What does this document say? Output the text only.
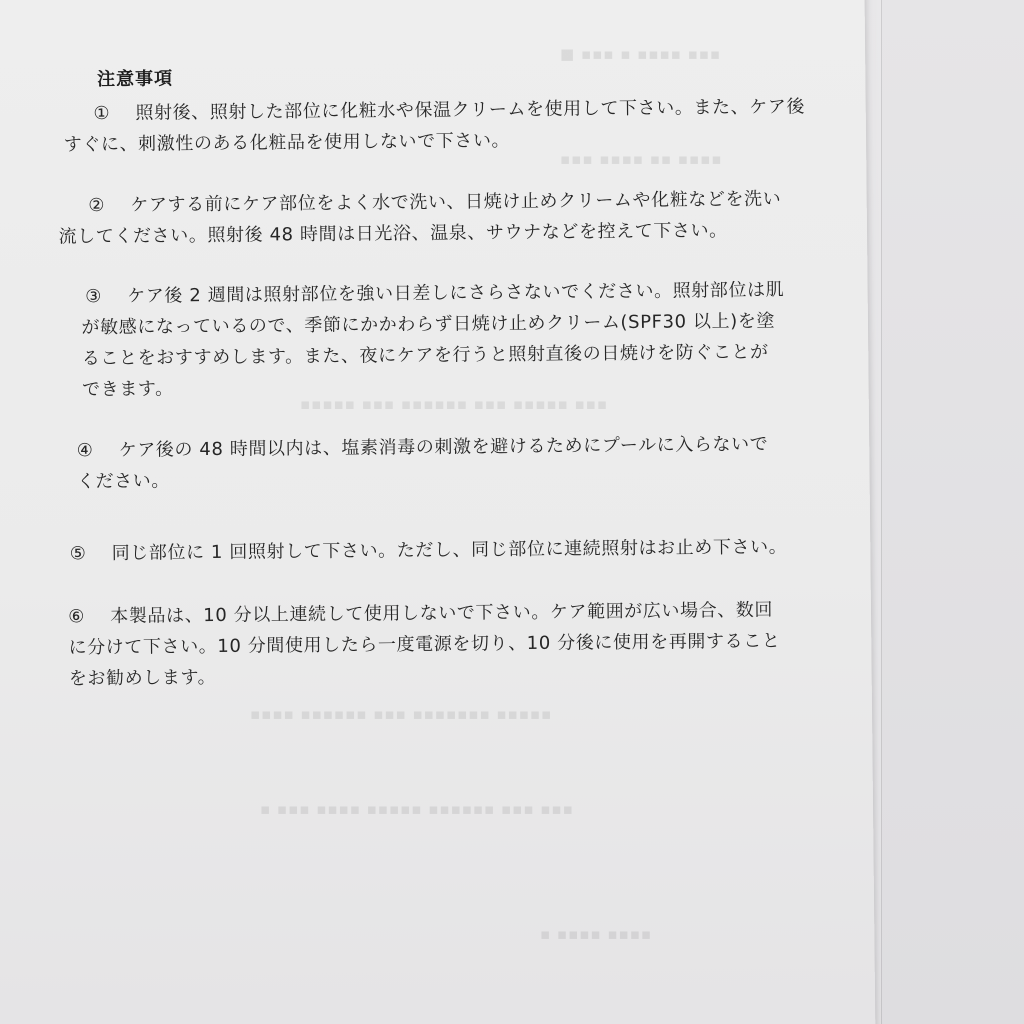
■ ▪▪▪ ▪ ▪▪▪▪ ▪▪▪
▪▪▪ ▪▪▪▪ ▪▪ ▪▪▪▪
▪▪▪▪▪ ▪▪▪ ▪▪▪▪▪▪ ▪▪▪ ▪▪▪▪▪ ▪▪▪
▪▪▪▪ ▪▪▪▪▪▪ ▪▪▪ ▪▪▪▪▪▪▪ ▪▪▪▪▪
▪ ▪▪▪ ▪▪▪▪ ▪▪▪▪▪ ▪▪▪▪▪▪ ▪▪▪ ▪▪▪
▪ ▪▪▪▪ ▪▪▪▪
注意事項
① 照射後、照射した部位に化粧水や保温クリームを使用して下さい。また、ケア後
すぐに、刺激性のある化粧品を使用しないで下さい。
② ケアする前にケア部位をよく水で洗い、日焼け止めクリームや化粧などを洗い
流してください。照射後 48 時間は日光浴、温泉、サウナなどを控えて下さい。
③ ケア後 2 週間は照射部位を強い日差しにさらさないでください。照射部位は肌
が敏感になっているので、季節にかかわらず日焼け止めクリーム(SPF30 以上)を塗
ることをおすすめします。また、夜にケアを行うと照射直後の日焼けを防ぐことが
できます。
④ ケア後の 48 時間以内は、塩素消毒の刺激を避けるためにプールに入らないで
ください。
⑤ 同じ部位に 1 回照射して下さい。ただし、同じ部位に連続照射はお止め下さい。
⑥ 本製品は、10 分以上連続して使用しないで下さい。ケア範囲が広い場合、数回
に分けて下さい。10 分間使用したら一度電源を切り、10 分後に使用を再開すること
をお勧めします。
